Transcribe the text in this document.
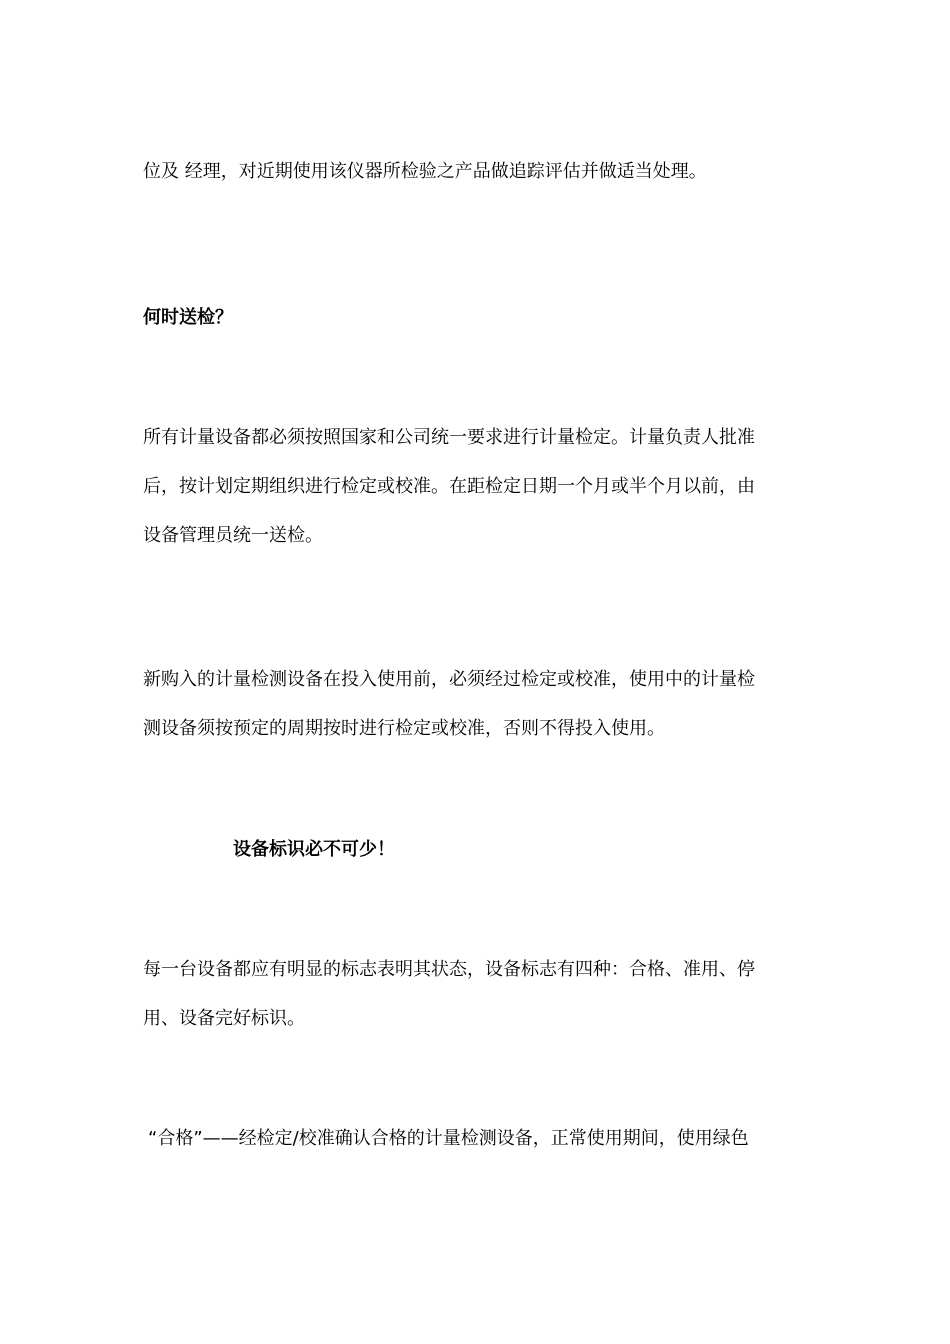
位及 经理，对近期使用该仪器所检验之产品做追踪评估并做适当处理。
何时送检？
所有计量设备都必须按照国家和公司统一要求进行计量检定。计量负责人批准
后，按计划定期组织进行检定或校准。在距检定日期一个月或半个月以前，由
设备管理员统一送检。
新购入的计量检测设备在投入使用前，必须经过检定或校准，使用中的计量检
测设备须按预定的周期按时进行检定或校准，否则不得投入使用。
设备标识必不可少！
每一台设备都应有明显的标志表明其状态，设备标志有四种：合格、准用、停
用、设备完好标识。
“合格”——经检定/校准确认合格的计量检测设备，正常使用期间，使用绿色
